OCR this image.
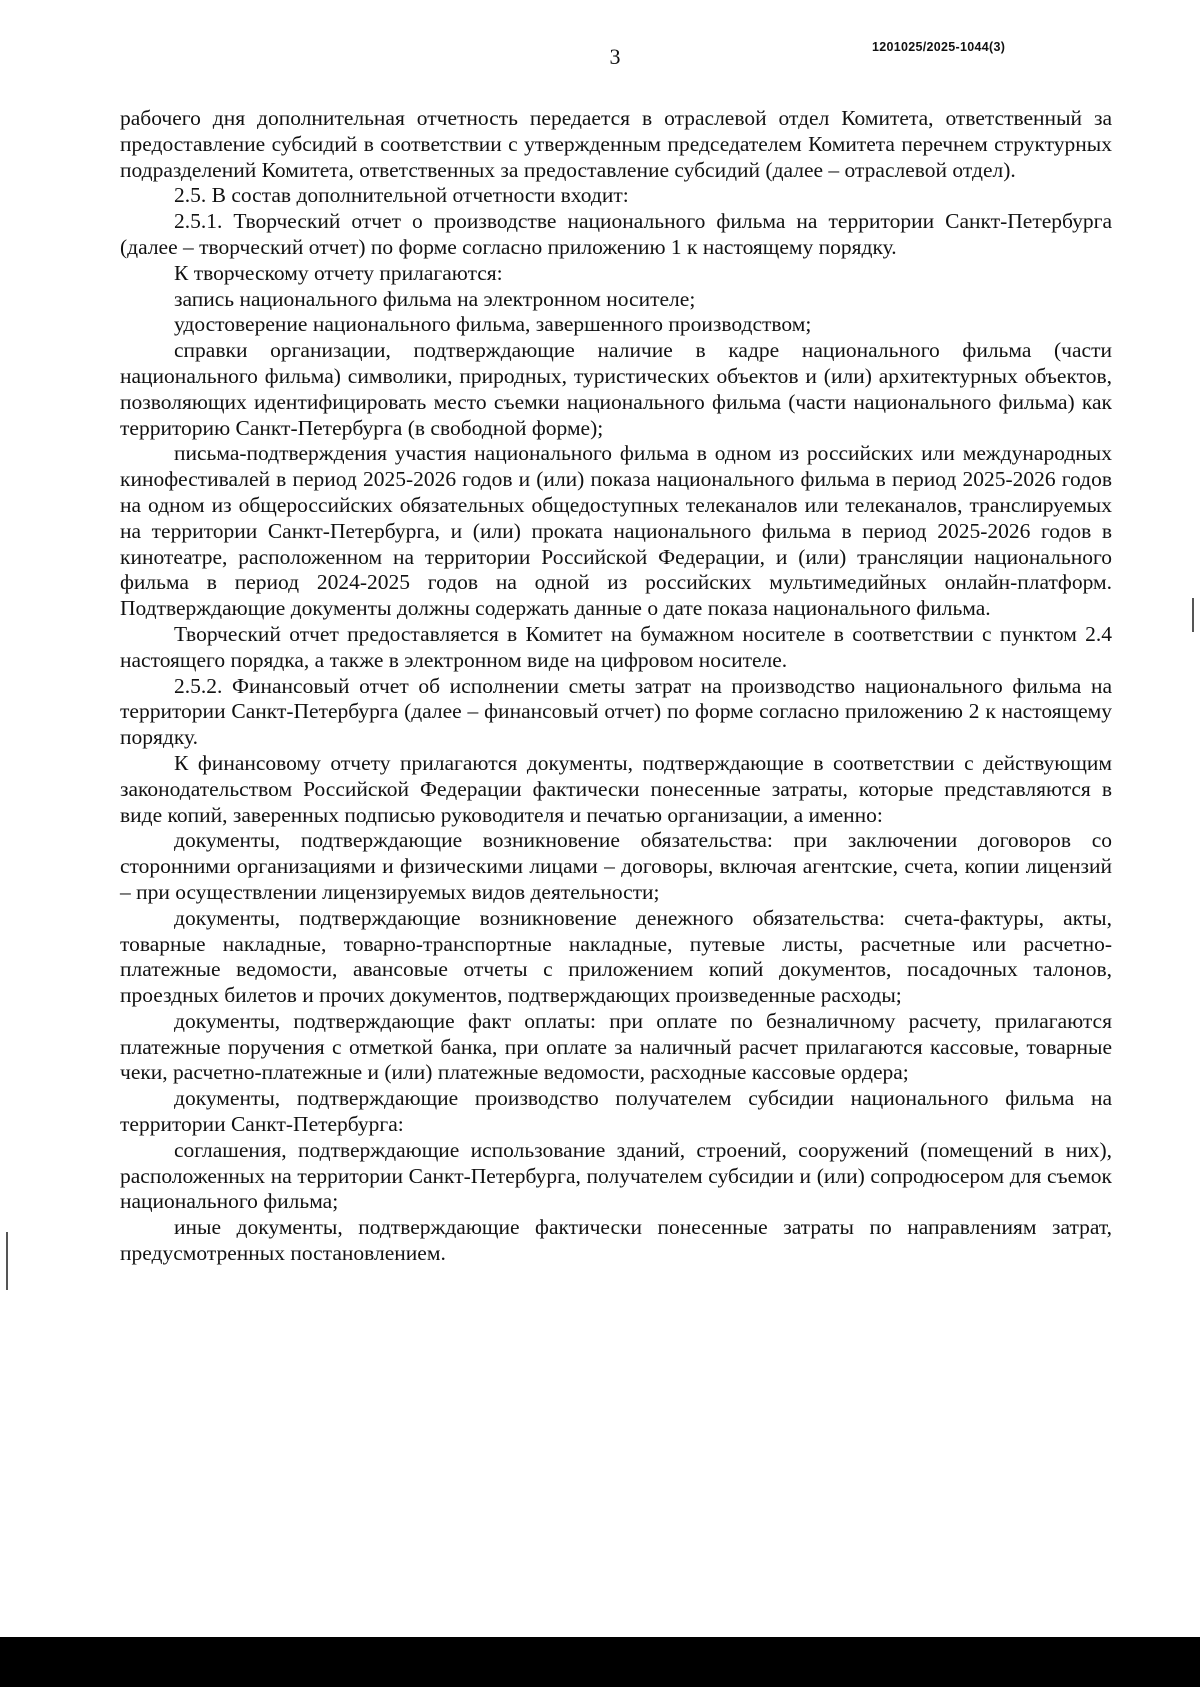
3	1201025/2025-1044(3)

рабочего дня дополнительная отчетность передается в отраслевой отдел Комитета, ответственный за предоставление субсидий в соответствии с утвержденным председателем Комитета перечнем структурных подразделений Комитета, ответственных за предоставление субсидий (далее – отраслевой отдел).

2.5. В состав дополнительной отчетности входит:

2.5.1. Творческий отчет о производстве национального фильма на территории Санкт-Петербурга (далее – творческий отчет) по форме согласно приложению 1 к настоящему порядку.

К творческому отчету прилагаются:

запись национального фильма на электронном носителе;

удостоверение национального фильма, завершенного производством;

справки организации, подтверждающие наличие в кадре национального фильма (части национального фильма) символики, природных, туристических объектов и (или) архитектурных объектов, позволяющих идентифицировать место съемки национального фильма (части национального фильма) как территорию Санкт-Петербурга (в свободной форме);

письма-подтверждения участия национального фильма в одном из российских или международных кинофестивалей в период 2025-2026 годов и (или) показа национального фильма в период 2025-2026 годов на одном из общероссийских обязательных общедоступных телеканалов или телеканалов, транслируемых на территории Санкт-Петербурга, и (или) проката национального фильма в период 2025-2026 годов в кинотеатре, расположенном на территории Российской Федерации, и (или) трансляции национального фильма в период 2024-2025 годов на одной из российских мультимедийных онлайн-платформ. Подтверждающие документы должны содержать данные о дате показа национального фильма.

Творческий отчет предоставляется в Комитет на бумажном носителе в соответствии с пунктом 2.4 настоящего порядка, а также в электронном виде на цифровом носителе.

2.5.2. Финансовый отчет об исполнении сметы затрат на производство национального фильма на территории Санкт-Петербурга (далее – финансовый отчет) по форме согласно приложению 2 к настоящему порядку.

К финансовому отчету прилагаются документы, подтверждающие в соответствии с действующим законодательством Российской Федерации фактически понесенные затраты, которые представляются в виде копий, заверенных подписью руководителя и печатью организации, а именно:

документы, подтверждающие возникновение обязательства: при заключении договоров со сторонними организациями и физическими лицами – договоры, включая агентские, счета, копии лицензий – при осуществлении лицензируемых видов деятельности;

документы, подтверждающие возникновение денежного обязательства: счета-фактуры, акты, товарные накладные, товарно-транспортные накладные, путевые листы, расчетные или расчетно-платежные ведомости, авансовые отчеты с приложением копий документов, посадочных талонов, проездных билетов и прочих документов, подтверждающих произведенные расходы;

документы, подтверждающие факт оплаты: при оплате по безналичному расчету, прилагаются платежные поручения с отметкой банка, при оплате за наличный расчет прилагаются кассовые, товарные чеки, расчетно-платежные и (или) платежные ведомости, расходные кассовые ордера;

документы, подтверждающие производство получателем субсидии национального фильма на территории Санкт-Петербурга:

соглашения, подтверждающие использование зданий, строений, сооружений (помещений в них), расположенных на территории Санкт-Петербурга, получателем субсидии и (или) сопродюсером для съемок национального фильма;

иные документы, подтверждающие фактически понесенные затраты по направлениям затрат, предусмотренных постановлением.
